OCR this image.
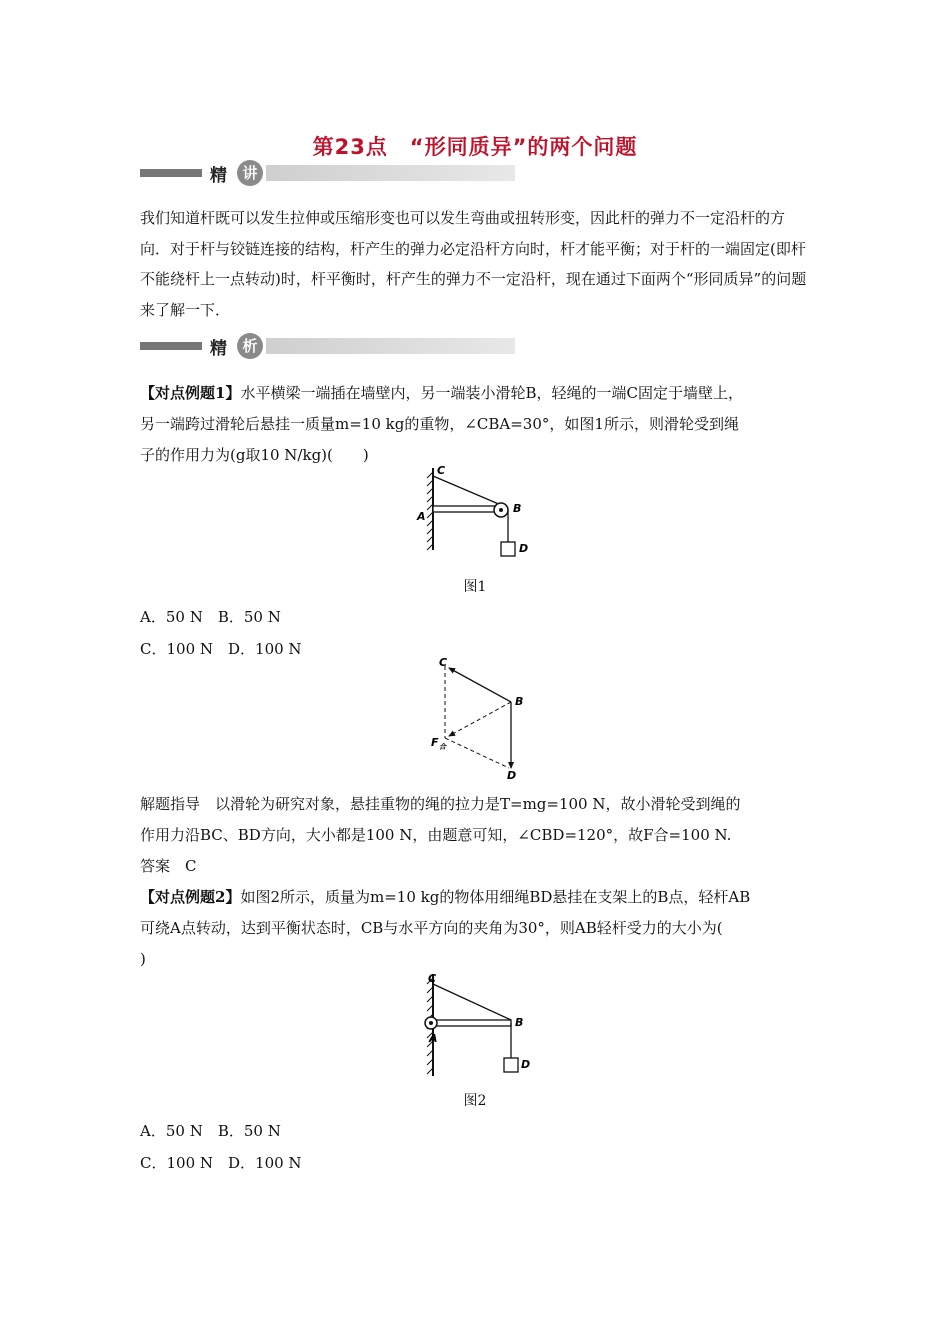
第23点　“形同质异”的两个问题
精	讲
我们知道杆既可以发生拉伸或压缩形变也可以发生弯曲或扭转形变，因此杆的弹力不一定沿杆的方向．对于杆与铰链连接的结构，杆产生的弹力必定沿杆方向时，杆才能平衡；对于杆的一端固定(即杆不能绕杆上一点转动)时，杆平衡时，杆产生的弹力不一定沿杆，现在通过下面两个“形同质异”的问题来了解一下．
精	析
【对点例题1】水平横梁一端插在墙壁内，另一端装小滑轮B，轻绳的一端C固定于墙壁上，
另一端跨过滑轮后悬挂一质量m=10 kg的重物，∠CBA=30°，如图1所示，则滑轮受到绳
子的作用力为(g取10 N/kg)(　　)
C
A
B
D
图1
A．50 N　B．50 N
C．100 N　D．100 N
C
B
F 合
D
解题指导　以滑轮为研究对象，悬挂重物的绳的拉力是T=mg=100 N，故小滑轮受到绳的
作用力沿BC、BD方向，大小都是100 N，由题意可知，∠CBD=120°，故F合=100 N.
答案　C
【对点例题2】如图2所示，质量为m=10 kg的物体用细绳BD悬挂在支架上的B点，轻杆AB
可绕A点转动，达到平衡状态时，CB与水平方向的夹角为30°，则AB轻杆受力的大小为(
)
C
A
B
D
图2
A．50 N　B．50 N
C．100 N　D．100 N
